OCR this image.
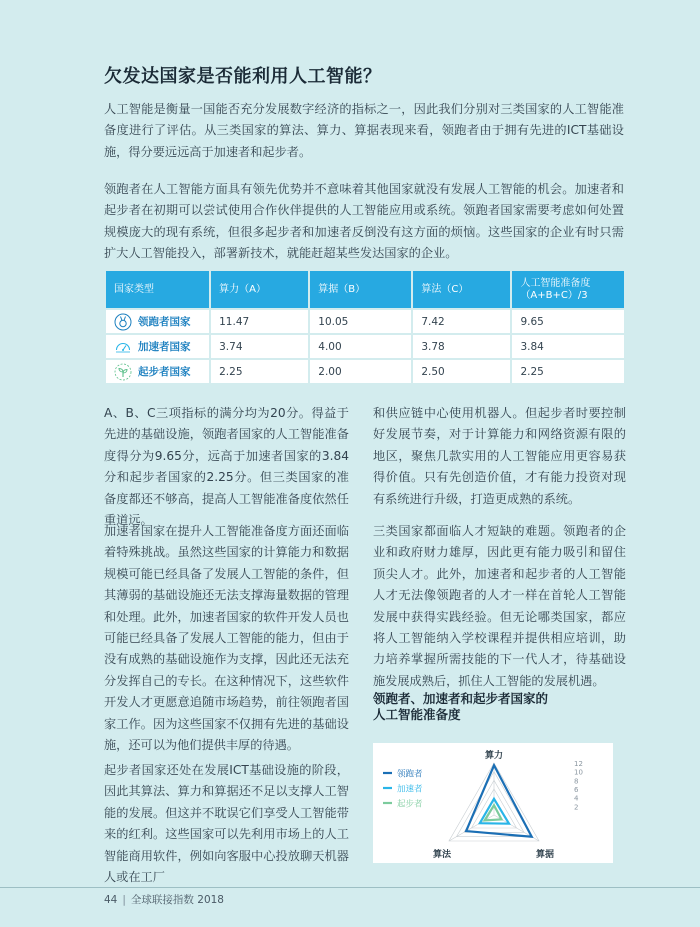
欠发达国家是否能利用人工智能？

人工智能是衡量一国能否充分发展数字经济的指标之一，因此我们分别对三类国家的人工智能准备度进行了评估。从三类国家的算法、算力、算据表现来看，领跑者由于拥有先进的ICT基础设施，得分要远远高于加速者和起步者。

领跑者在人工智能方面具有领先优势并不意味着其他国家就没有发展人工智能的机会。加速者和起步者在初期可以尝试使用合作伙伴提供的人工智能应用或系统。领跑者国家需要考虑如何处置规模庞大的现有系统，但很多起步者和加速者反倒没有这方面的烦恼。这些国家的企业有时只需扩大人工智能投入，部署新技术，就能赶超某些发达国家的企业。

国家类型	算力（A）	算据（B）	算法（C）	人工智能准备度
（A+B+C）/3

领跑者国家	11.47	10.05	7.42	9.65

加速者国家	3.74	4.00	3.78	3.84

起步者国家	2.25	2.00	2.50	2.25

A、B、C三项指标的满分均为20分。得益于先进的基础设施，领跑者国家的人工智能准备度得分为9.65分，远高于加速者国家的3.84分和起步者国家的2.25分。但三类国家的准备度都还不够高，提高人工智能准备度依然任重道远。

加速者国家在提升人工智能准备度方面还面临着特殊挑战。虽然这些国家的计算能力和数据规模可能已经具备了发展人工智能的条件，但其薄弱的基础设施还无法支撑海量数据的管理和处理。此外，加速者国家的软件开发人员也可能已经具备了发展人工智能的能力，但由于没有成熟的基础设施作为支撑，因此还无法充分发挥自己的专长。在这种情况下，这些软件开发人才更愿意追随市场趋势，前往领跑者国家工作。因为这些国家不仅拥有先进的基础设施，还可以为他们提供丰厚的待遇。

起步者国家还处在发展ICT基础设施的阶段，因此其算法、算力和算据还不足以支撑人工智能的发展。但这并不耽误它们享受人工智能带来的红利。这些国家可以先利用市场上的人工智能商用软件，例如向客服中心投放聊天机器人或在工厂

和供应链中心使用机器人。但起步者时要控制好发展节奏，对于计算能力和网络资源有限的地区，聚焦几款实用的人工智能应用更容易获得价值。只有先创造价值，才有能力投资对现有系统进行升级，打造更成熟的系统。

三类国家都面临人才短缺的难题。领跑者的企业和政府财力雄厚，因此更有能力吸引和留住顶尖人才。此外，加速者和起步者的人工智能人才无法像领跑者的人才一样在首轮人工智能发展中获得实践经验。但无论哪类国家，都应将人工智能纳入学校课程并提供相应培训，助力培养掌握所需技能的下一代人才，待基础设施发展成熟后，抓住人工智能的发展机遇。

领跑者、加速者和起步者国家的
人工智能准备度
12
10
8
6
4
2
算力
算据
算法
领跑者
加速者
起步者
44 | 全球联接指数 2018
